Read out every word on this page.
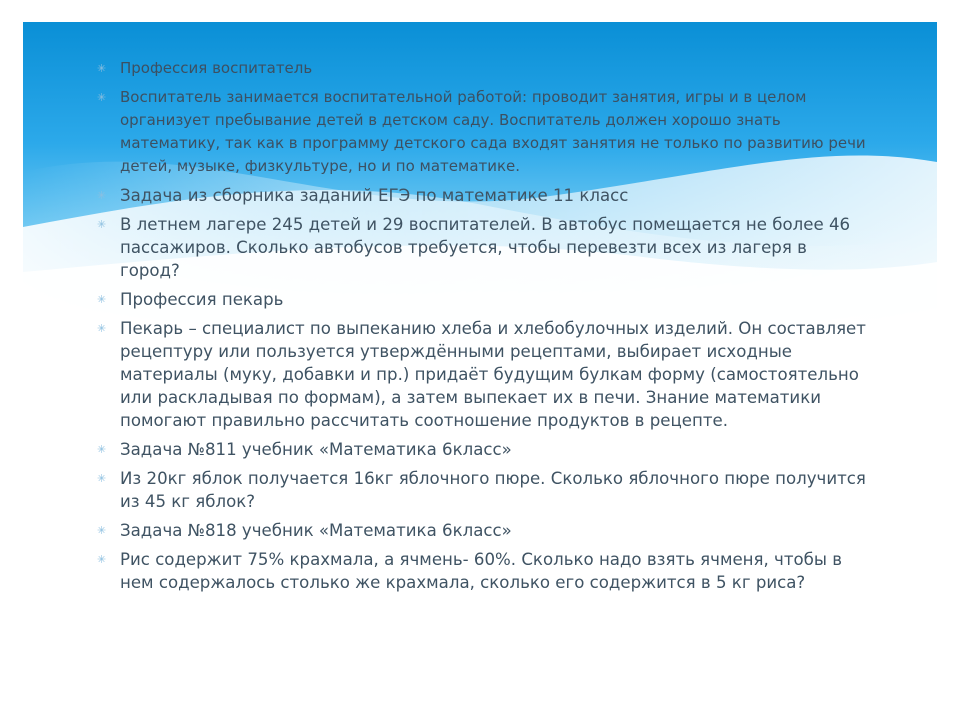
✳ Профессия воспитатель
✳ Воспитатель занимается воспитательной работой: проводит занятия, игры и в целом организует пребывание детей в детском саду. Воспитатель должен хорошо знать математику, так как в программу детского сада входят занятия не только по развитию речи детей, музыке, физкультуре, но и по математике.
✳ Задача из сборника заданий ЕГЭ по математике 11 класс
✳ В летнем лагере 245 детей и 29 воспитателей. В автобус помещается не более 46 пассажиров. Сколько автобусов требуется, чтобы перевезти всех из лагеря в город?
✳ Профессия пекарь
✳ Пекарь – специалист по выпеканию хлеба и хлебобулочных изделий. Он составляет рецептуру или пользуется утверждёнными рецептами, выбирает исходные материалы (муку, добавки и пр.) придаёт будущим булкам форму (самостоятельно или раскладывая по формам), а затем выпекает их в печи. Знание математики помогают правильно рассчитать соотношение продуктов в рецепте.
✳ Задача №811 учебник «Математика 6класс»
✳ Из 20кг яблок получается 16кг яблочного пюре. Сколько яблочного пюре получится из 45 кг яблок?
✳ Задача №818 учебник «Математика 6класс»
✳ Рис содержит 75% крахмала, а ячмень- 60%. Сколько надо взять ячменя, чтобы в нем содержалось столько же крахмала, сколько его содержится в 5 кг риса?
